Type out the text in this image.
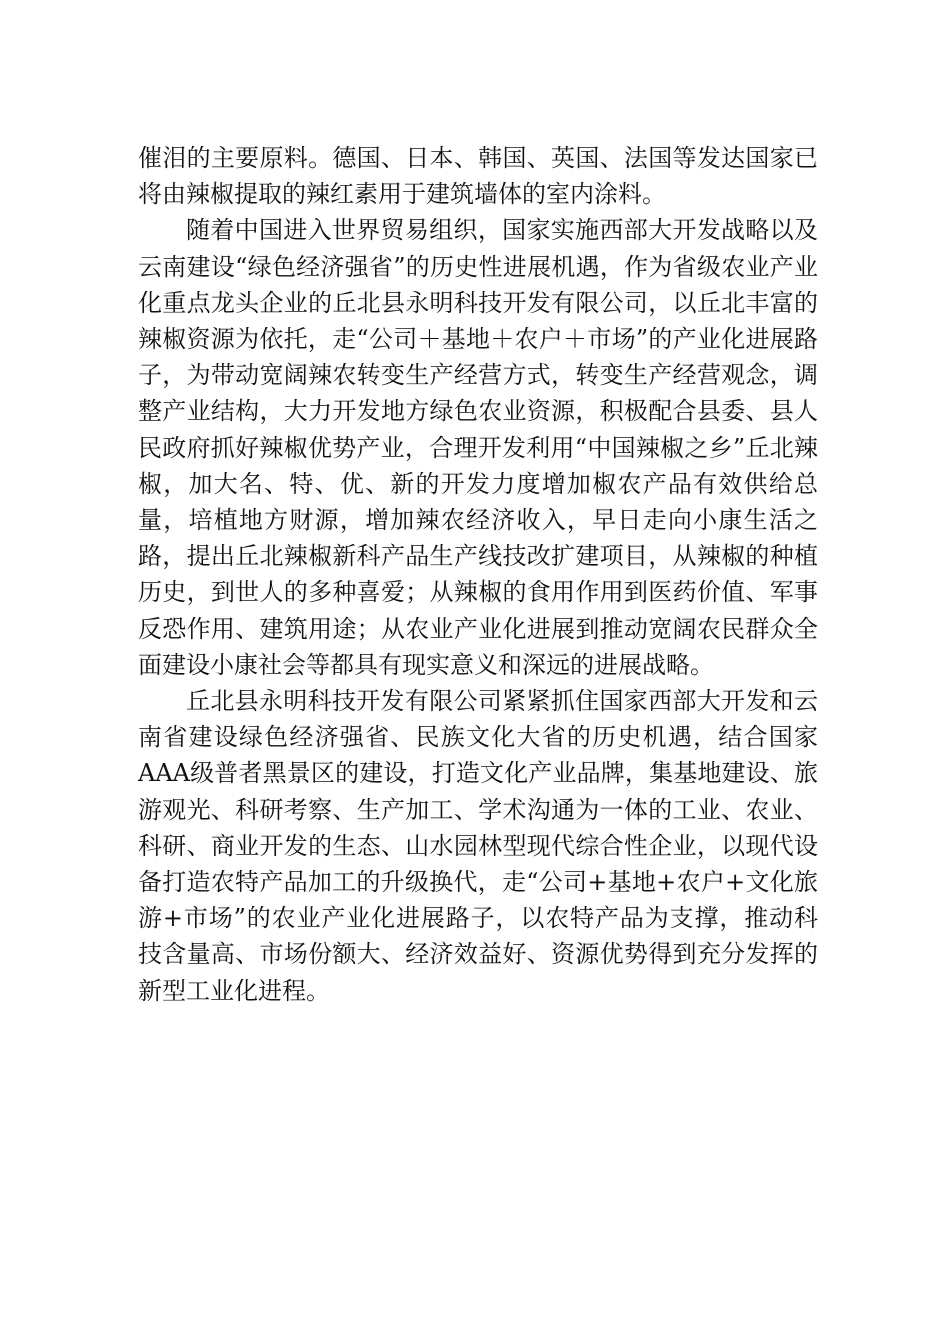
催泪的主要原料。德国、日本、韩国、英国、法国等发达国家已将由辣椒提取的辣红素用于建筑墙体的室内涂料。

随着中国进入世界贸易组织，国家实施西部大开发战略以及云南建设“绿色经济强省”的历史性进展机遇，作为省级农业产业化重点龙头企业的丘北县永明科技开发有限公司，以丘北丰富的辣椒资源为依托，走“公司＋基地＋农户＋市场”的产业化进展路子，为带动宽阔辣农转变生产经营方式，转变生产经营观念，调整产业结构，大力开发地方绿色农业资源，积极配合县委、县人民政府抓好辣椒优势产业，合理开发利用“中国辣椒之乡”丘北辣椒，加大名、特、优、新的开发力度增加椒农产品有效供给总量，培植地方财源，增加辣农经济收入，早日走向小康生活之路，提出丘北辣椒新科产品生产线技改扩建项目，从辣椒的种植历史，到世人的多种喜爱；从辣椒的食用作用到医药价值、军事反恐作用、建筑用途；从农业产业化进展到推动宽阔农民群众全面建设小康社会等都具有现实意义和深远的进展战略。

丘北县永明科技开发有限公司紧紧抓住国家西部大开发和云南省建设绿色经济强省、民族文化大省的历史机遇，结合国家AAA级普者黑景区的建设，打造文化产业品牌，集基地建设、旅游观光、科研考察、生产加工、学术沟通为一体的工业、农业、科研、商业开发的生态、山水园林型现代综合性企业，以现代设备打造农特产品加工的升级换代，走“公司+基地+农户+文化旅游+市场”的农业产业化进展路子，以农特产品为支撑，推动科技含量高、市场份额大、经济效益好、资源优势得到充分发挥的新型工业化进程。
